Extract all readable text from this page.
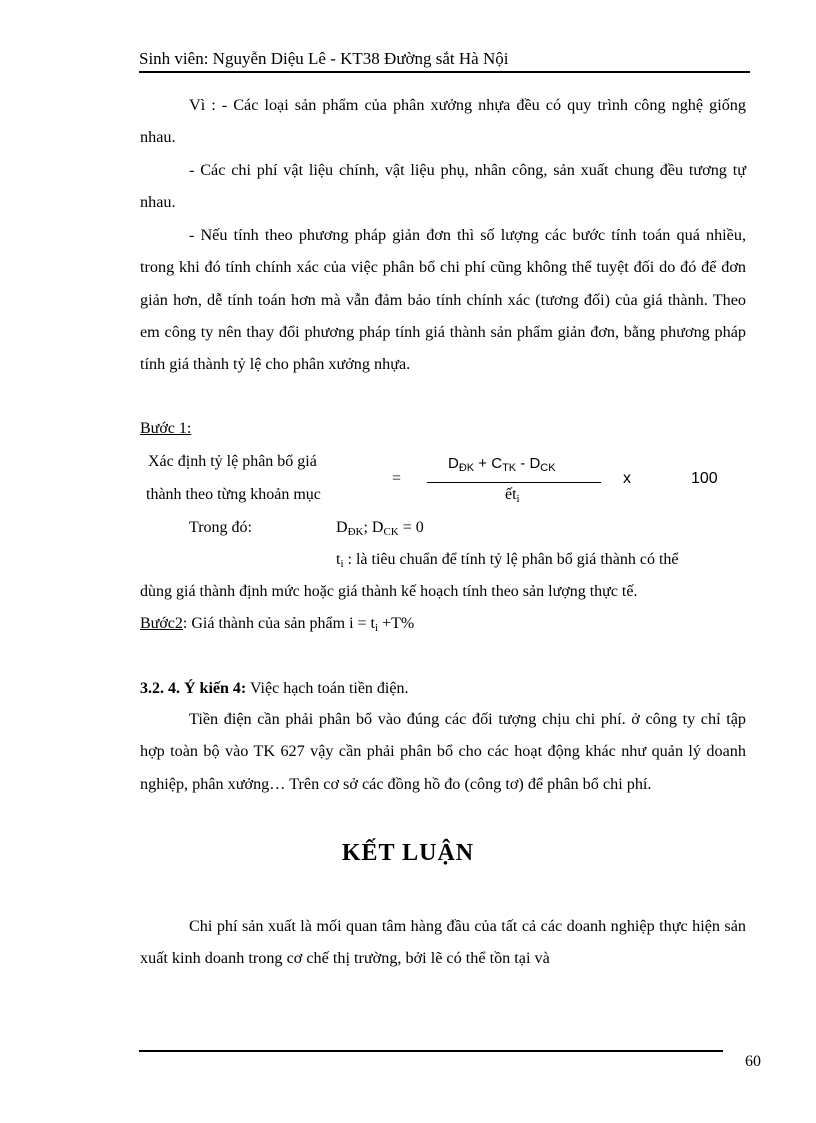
Sinh viên: Nguyễn Diệu Lê - KT38 Đường sắt Hà Nội
Vì : - Các loại sản phẩm của phân xưởng nhựa đều có quy trình công nghệ giống nhau.
- Các chi phí vật liệu chính, vật liệu phụ, nhân công, sản xuất chung đều tương tự nhau.
- Nếu tính theo phương pháp giản đơn thì số lượng các bước tính toán quá nhiều, trong khi đó tính chính xác của việc phân bổ chi phí cũng không thể tuyệt đối do đó để đơn giản hơn, dễ tính toán hơn mà vẫn đảm bảo tính chính xác (tương đối) của giá thành. Theo em công ty nên thay đổi phương pháp tính giá thành sản phẩm giản đơn, bằng phương pháp tính giá thành tỷ lệ cho phân xưởng nhựa.
Bước 1:
Xác định tỷ lệ phân bổ giá
thành theo từng khoản mục
=
$D_{ĐK} + C_{TK} - D_{CK}$
ết$_i$
x	100
Trong đó:	$D_{ĐK}$; $D_{CK} = 0$
$t_i$ : là tiêu chuẩn để tính tỷ lệ phân bổ giá thành có thể
dùng giá thành định mức hoặc giá thành kế hoạch tính theo sản lượng thực tế.
Bước2: Giá thành của sản phẩm $i = t_i +T\%$
3.2. 4. Ý kiến 4: Việc hạch toán tiền điện.
Tiền điện cần phải phân bổ vào đúng các đối tượng chịu chi phí. ở công ty chỉ tập hợp toàn bộ vào TK 627 vậy cần phải phân bổ cho các hoạt động khác như quản lý doanh nghiệp, phân xưởng… Trên cơ sở các đồng hồ đo (công tơ) để phân bổ chi phí.
KẾT LUẬN
Chi phí sản xuất là mối quan tâm hàng đầu của tất cả các doanh nghiệp thực hiện sản xuất kinh doanh trong cơ chế thị trường, bởi lẽ có thể tồn tại và
60
